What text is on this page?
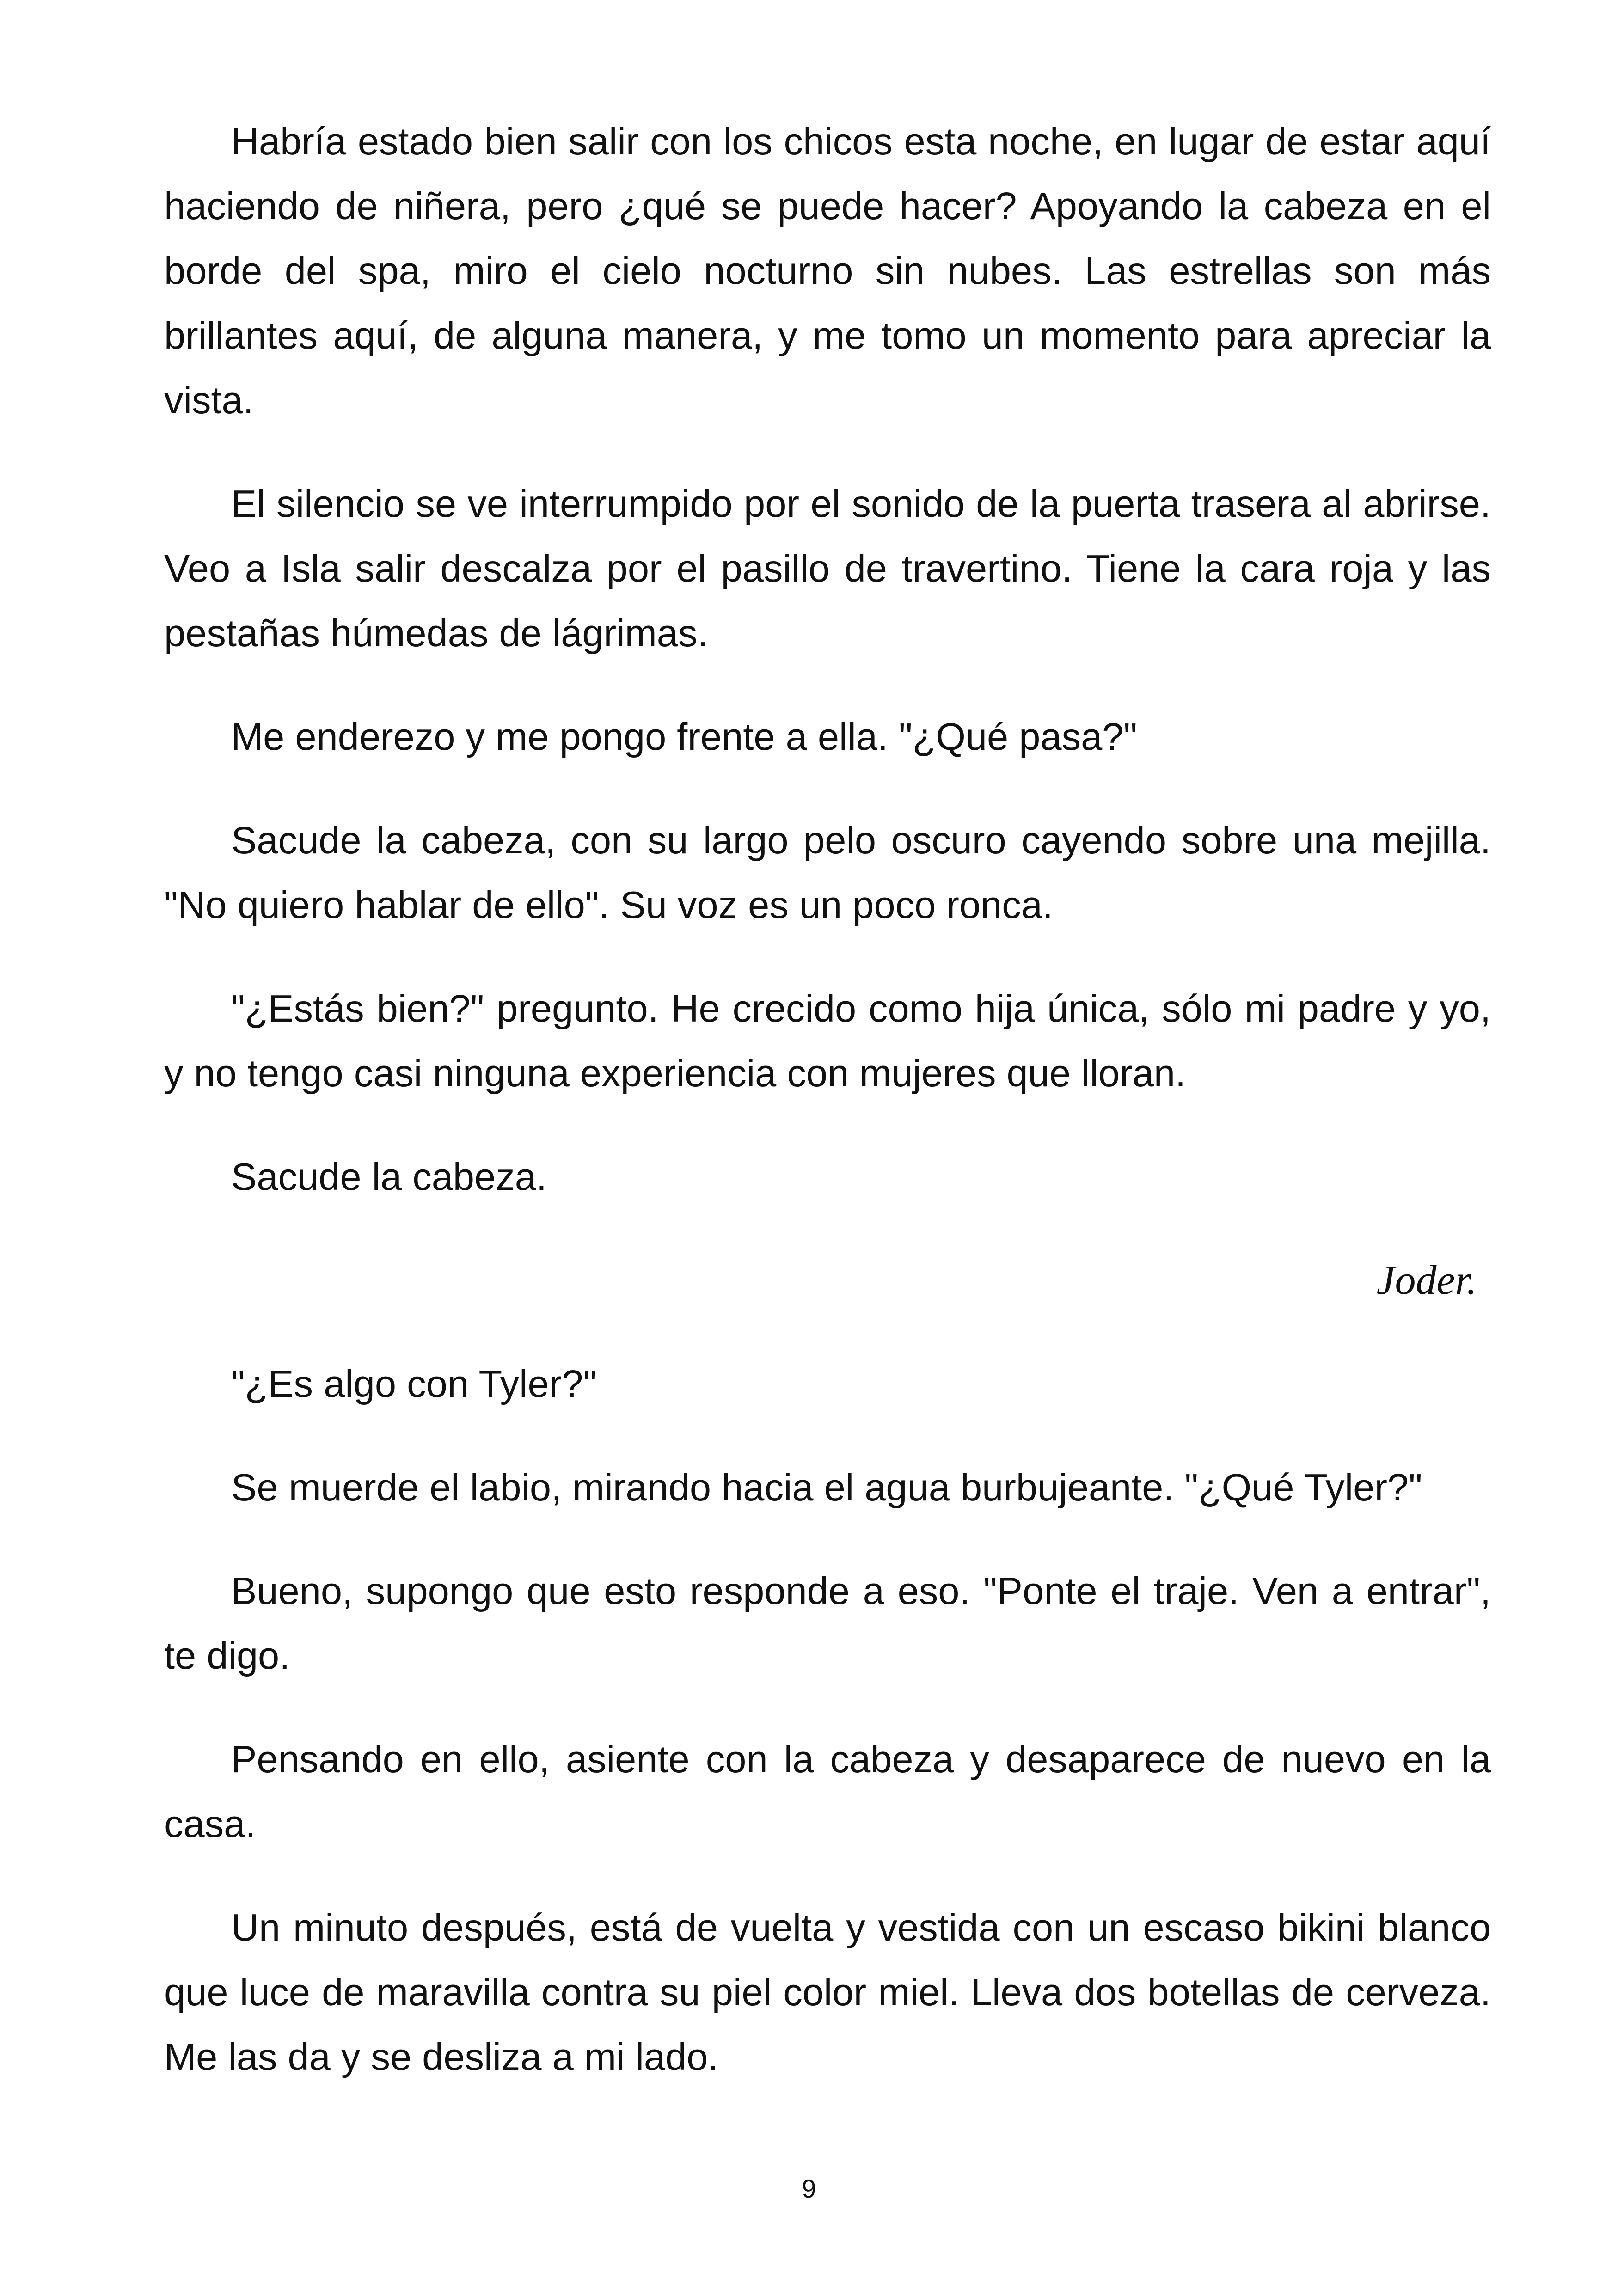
Habría estado bien salir con los chicos esta noche, en lugar de estar aquí haciendo de niñera, pero ¿qué se puede hacer? Apoyando la cabeza en el borde del spa, miro el cielo nocturno sin nubes. Las estrellas son más brillantes aquí, de alguna manera, y me tomo un momento para apreciar la vista.

El silencio se ve interrumpido por el sonido de la puerta trasera al abrirse. Veo a Isla salir descalza por el pasillo de travertino. Tiene la cara roja y las pestañas húmedas de lágrimas.

Me enderezo y me pongo frente a ella. "¿Qué pasa?"

Sacude la cabeza, con su largo pelo oscuro cayendo sobre una mejilla. "No quiero hablar de ello". Su voz es un poco ronca.

"¿Estás bien?" pregunto. He crecido como hija única, sólo mi padre y yo, y no tengo casi ninguna experiencia con mujeres que lloran.

Sacude la cabeza.

Joder.

"¿Es algo con Tyler?"

Se muerde el labio, mirando hacia el agua burbujeante. "¿Qué Tyler?"

Bueno, supongo que esto responde a eso. "Ponte el traje. Ven a entrar", te digo.

Pensando en ello, asiente con la cabeza y desaparece de nuevo en la casa.

Un minuto después, está de vuelta y vestida con un escaso bikini blanco que luce de maravilla contra su piel color miel. Lleva dos botellas de cerveza. Me las da y se desliza a mi lado.

9
